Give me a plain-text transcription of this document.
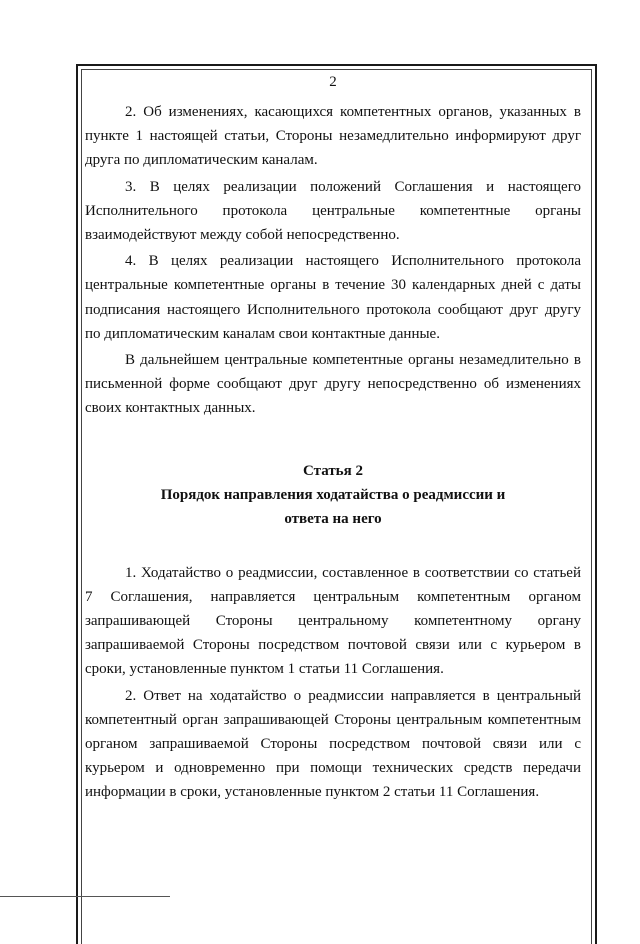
2

2. Об изменениях, касающихся компетентных органов, указанных в пункте 1 настоящей статьи, Стороны незамедлительно информируют друг друга по дипломатическим каналам.

3. В целях реализации положений Соглашения и настоящего Исполнительного протокола центральные компетентные органы взаимодействуют между собой непосредственно.

4. В целях реализации настоящего Исполнительного протокола центральные компетентные органы в течение 30 календарных дней с даты подписания настоящего Исполнительного протокола сообщают друг другу по дипломатическим каналам свои контактные данные.

В дальнейшем центральные компетентные органы незамедлительно в письменной форме сообщают друг другу непосредственно об изменениях своих контактных данных.

Статья 2
Порядок направления ходатайства о реадмиссии и
ответа на него

1. Ходатайство о реадмиссии, составленное в соответствии со статьей 7 Соглашения, направляется центральным компетентным органом запрашивающей Стороны центральному компетентному органу запрашиваемой Стороны посредством почтовой связи или с курьером в сроки, установленные пунктом 1 статьи 11 Соглашения.

2. Ответ на ходатайство о реадмиссии направляется в центральный компетентный орган запрашивающей Стороны центральным компетентным органом запрашиваемой Стороны посредством почтовой связи или с курьером и одновременно при помощи технических средств передачи информации в сроки, установленные пунктом 2 статьи 11 Соглашения.
